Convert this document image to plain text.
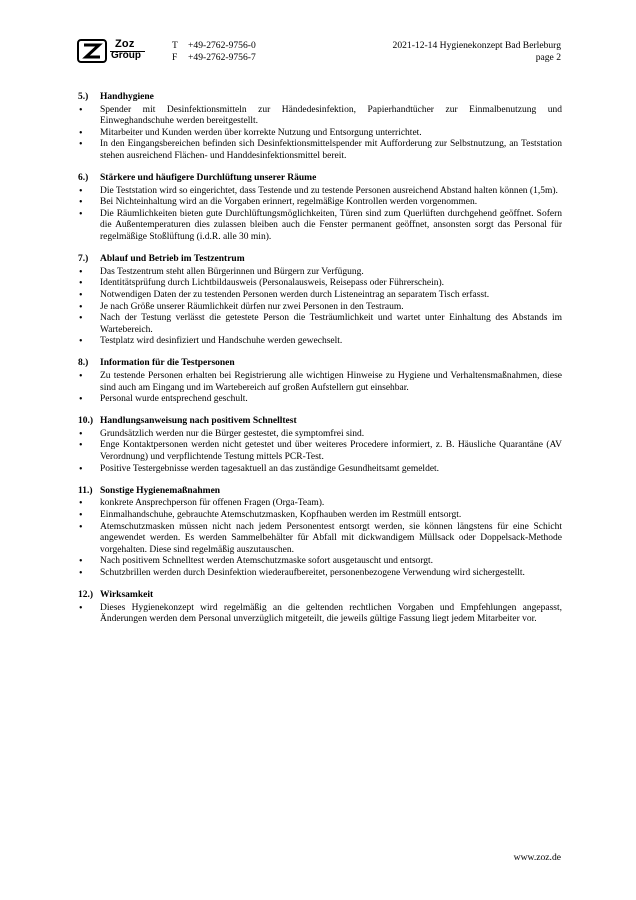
Zoz
Group
T +49-2762-9756-0
F +49-2762-9756-7
2021-12-14 Hygienekonzept Bad Berleburg
page 2
5.)	Handhygiene
• Spender mit Desinfektionsmitteln zur Händedesinfektion, Papierhandtücher zur Einmalbenutzung und Einweghandschuhe werden bereitgestellt.
• Mitarbeiter und Kunden werden über korrekte Nutzung und Entsorgung unterrichtet.
• In den Eingangsbereichen befinden sich Desinfektionsmittelspender mit Aufforderung zur Selbstnutzung, an Teststation stehen ausreichend Flächen- und Handdesinfektionsmittel bereit.
6.)	Stärkere und häufigere Durchlüftung unserer Räume
• Die Teststation wird so eingerichtet, dass Testende und zu testende Personen ausreichend Abstand halten können (1,5m).
• Bei Nichteinhaltung wird an die Vorgaben erinnert, regelmäßige Kontrollen werden vorgenommen.
• Die Räumlichkeiten bieten gute Durchlüftungsmöglichkeiten, Türen sind zum Querlüften durchgehend geöffnet. Sofern die Außentemperaturen dies zulassen bleiben auch die Fenster permanent geöffnet, ansonsten sorgt das Personal für regelmäßige Stoßlüftung (i.d.R. alle 30 min).
7.)	Ablauf und Betrieb im Testzentrum
• Das Testzentrum steht allen Bürgerinnen und Bürgern zur Verfügung.
• Identitätsprüfung durch Lichtbildausweis (Personalausweis, Reisepass oder Führerschein).
• Notwendigen Daten der zu testenden Personen werden durch Listeneintrag an separatem Tisch erfasst.
• Je nach Größe unserer Räumlichkeit dürfen nur zwei Personen in den Testraum.
• Nach der Testung verlässt die getestete Person die Testräumlichkeit und wartet unter Einhaltung des Abstands im Wartebereich.
• Testplatz wird desinfiziert und Handschuhe werden gewechselt.
8.)	Information für die Testpersonen
• Zu testende Personen erhalten bei Registrierung alle wichtigen Hinweise zu Hygiene und Verhaltensmaßnahmen, diese sind auch am Eingang und im Wartebereich auf großen Aufstellern gut einsehbar.
• Personal wurde entsprechend geschult.
10.) Handlungsanweisung nach positivem Schnelltest
• Grundsätzlich werden nur die Bürger gestestet, die symptomfrei sind.
• Enge Kontaktpersonen werden nicht getestet und über weiteres Procedere informiert, z. B. Häusliche Quarantäne (AV Verordnung) und verpflichtende Testung mittels PCR-Test.
• Positive Testergebnisse werden tagesaktuell an das zuständige Gesundheitsamt gemeldet.
11.) Sonstige Hygienemaßnahmen
• konkrete Ansprechperson für offenen Fragen (Orga-Team).
• Einmalhandschuhe, gebrauchte Atemschutzmasken, Kopfhauben werden im Restmüll entsorgt.
• Atemschutzmasken müssen nicht nach jedem Personentest entsorgt werden, sie können längstens für eine Schicht angewendet werden. Es werden Sammelbehälter für Abfall mit dickwandigem Müllsack oder Doppelsack-Methode vorgehalten. Diese sind regelmäßig auszutauschen.
• Nach positivem Schnelltest werden Atemschutzmaske sofort ausgetauscht und entsorgt.
• Schutzbrillen werden durch Desinfektion wiederaufbereitet, personenbezogene Verwendung wird sichergestellt.
12.) Wirksamkeit
• Dieses Hygienekonzept wird regelmäßig an die geltenden rechtlichen Vorgaben und Empfehlungen angepasst, Änderungen werden dem Personal unverzüglich mitgeteilt, die jeweils gültige Fassung liegt jedem Mitarbeiter vor.
www.zoz.de
